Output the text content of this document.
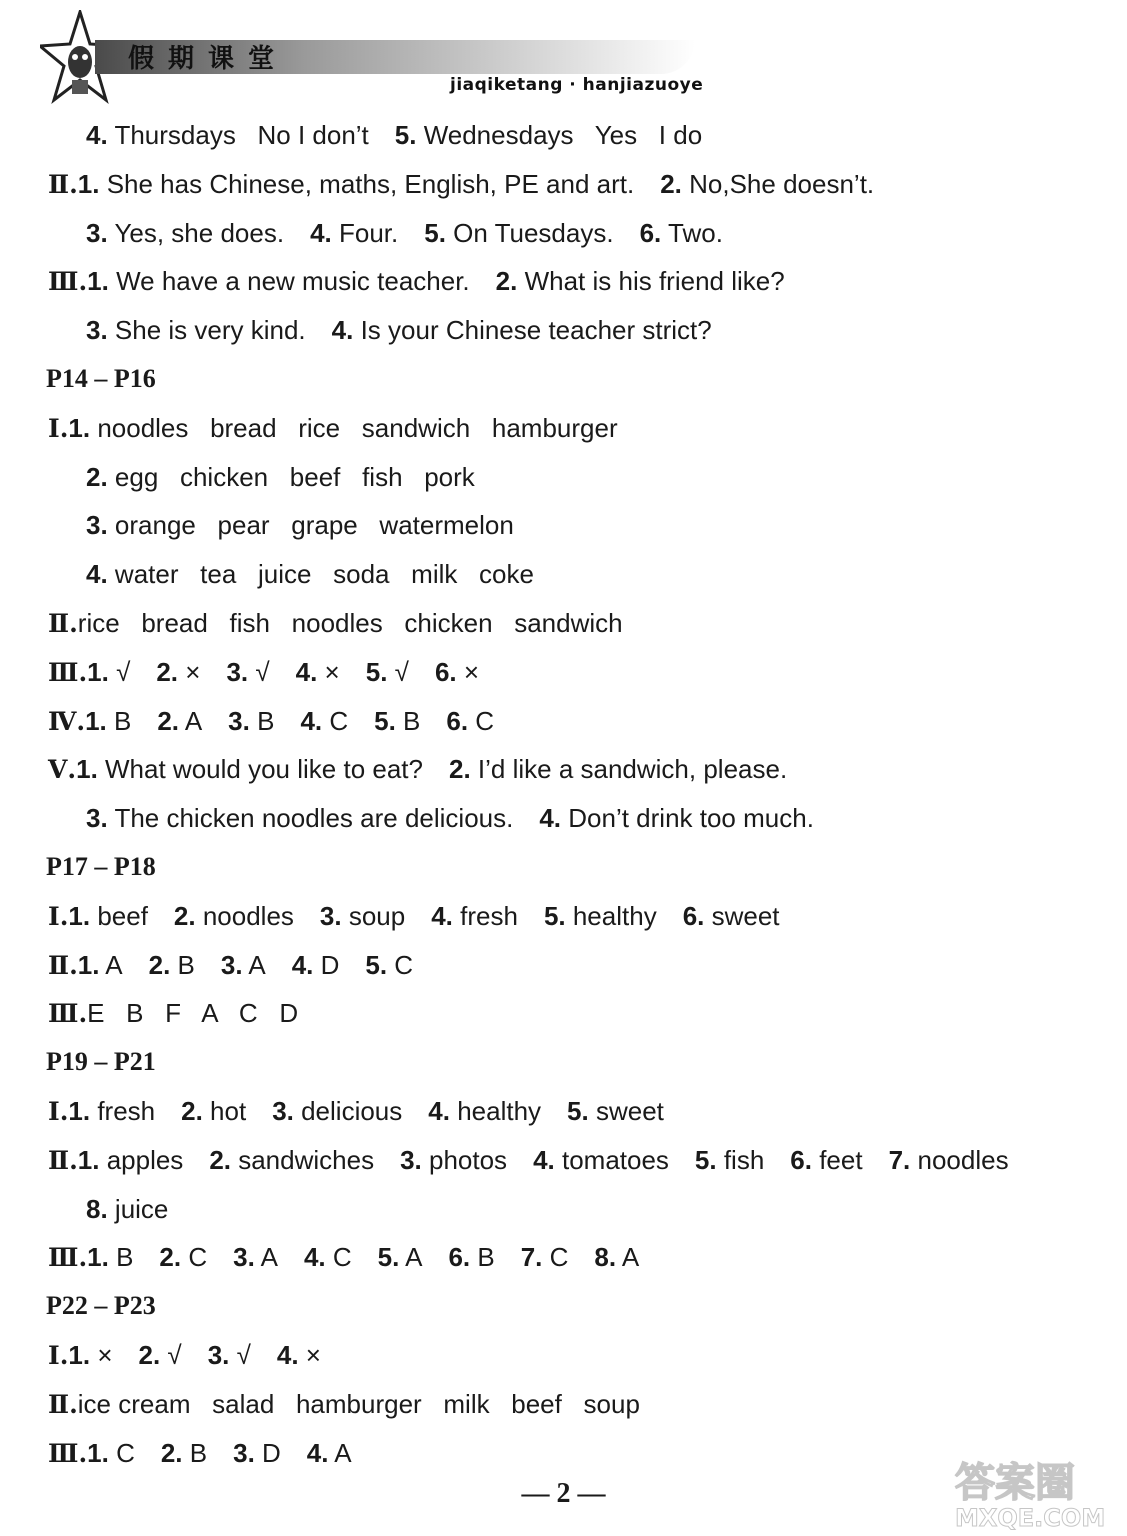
假期课堂
jiaqiketang · hanjiazuoye
4. Thursdays   No I don’t 5. Wednesdays   Yes   I do
Ⅱ.1. She has Chinese, maths, English, PE and art. 2. No,She doesn’t.
3. Yes, she does. 4. Four. 5. On Tuesdays. 6. Two.
Ⅲ.1. We have a new music teacher. 2. What is his friend like?
3. She is very kind. 4. Is your Chinese teacher strict?
P14 – P16
Ⅰ.1. noodles   bread   rice   sandwich   hamburger
2. egg   chicken   beef   fish   pork
3. orange   pear   grape   watermelon
4. water   tea   juice   soda   milk   coke
Ⅱ.rice   bread   fish   noodles   chicken   sandwich
Ⅲ.1. √ 2. × 3. √ 4. × 5. √ 6. ×
Ⅳ.1. B 2. A 3. B 4. C 5. B 6. C
Ⅴ.1. What would you like to eat? 2. I’d like a sandwich, please.
3. The chicken noodles are delicious. 4. Don’t drink too much.
P17 – P18
Ⅰ.1. beef 2. noodles 3. soup 4. fresh 5. healthy 6. sweet
Ⅱ.1. A 2. B 3. A 4. D 5. C
Ⅲ.E   B   F   A   C   D
P19 – P21
Ⅰ.1. fresh 2. hot 3. delicious 4. healthy 5. sweet
Ⅱ.1. apples 2. sandwiches 3. photos 4. tomatoes 5. fish 6. feet 7. noodles
8. juice
Ⅲ.1. B 2. C 3. A 4. C 5. A 6. B 7. C 8. A
P22 – P23
Ⅰ.1. × 2. √ 3. √ 4. ×
Ⅱ.ice cream   salad   hamburger   milk   beef   soup
Ⅲ.1. C 2. B 3. D 4. A
— 2 —	答案圈
MXQE.COM
